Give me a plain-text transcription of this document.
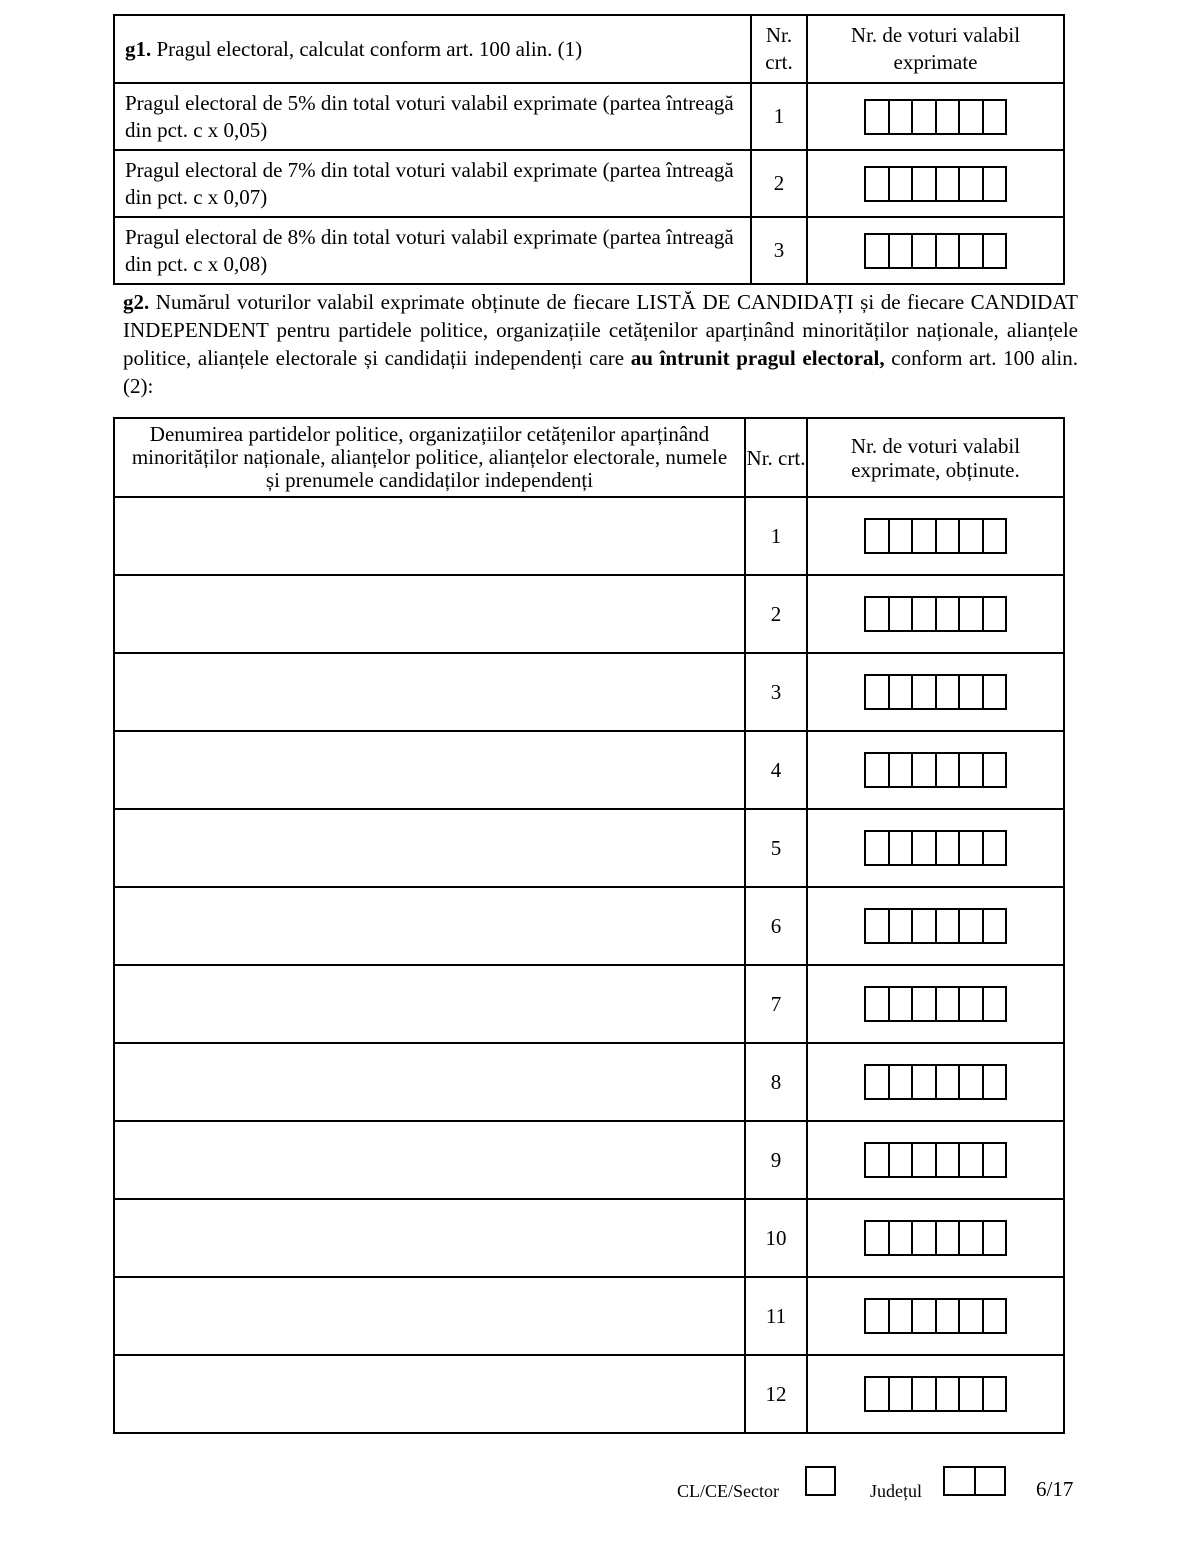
g1. Pragul electoral, calculat conform art. 100 alin. (1)	Nr. crt.	Nr. de voturi valabil exprimate
Pragul electoral de 5% din total voturi valabil exprimate (partea întreagă din pct. c x 0,05)	1	

Pragul electoral de 7% din total voturi valabil exprimate (partea întreagă din pct. c x 0,07)	2	

Pragul electoral de 8% din total voturi valabil exprimate (partea întreagă din pct. c x 0,08)	3	

g2. Numărul voturilor valabil exprimate obținute de fiecare LISTĂ DE CANDIDAȚI și de fiecare CANDIDAT INDEPENDENT pentru partidele politice, organizațiile cetățenilor aparținând minorităților naționale, alianțele politice, alianțele electorale și candidații independenți care au întrunit pragul electoral, conform art. 100 alin. (2):

Denumirea partidelor politice, organizațiilor cetățenilor aparținând minorităților naționale, alianțelor politice, alianțelor electorale, numele și prenumele candidaților independenți	Nr. crt.	Nr. de voturi valabil exprimate, obținute.
	1	

	2	

	3	

	4	

	5	

	6	

	7	

	8	

	9	

	10	

	11	

	12	
CL/CE/Sector	Județul	6/17
